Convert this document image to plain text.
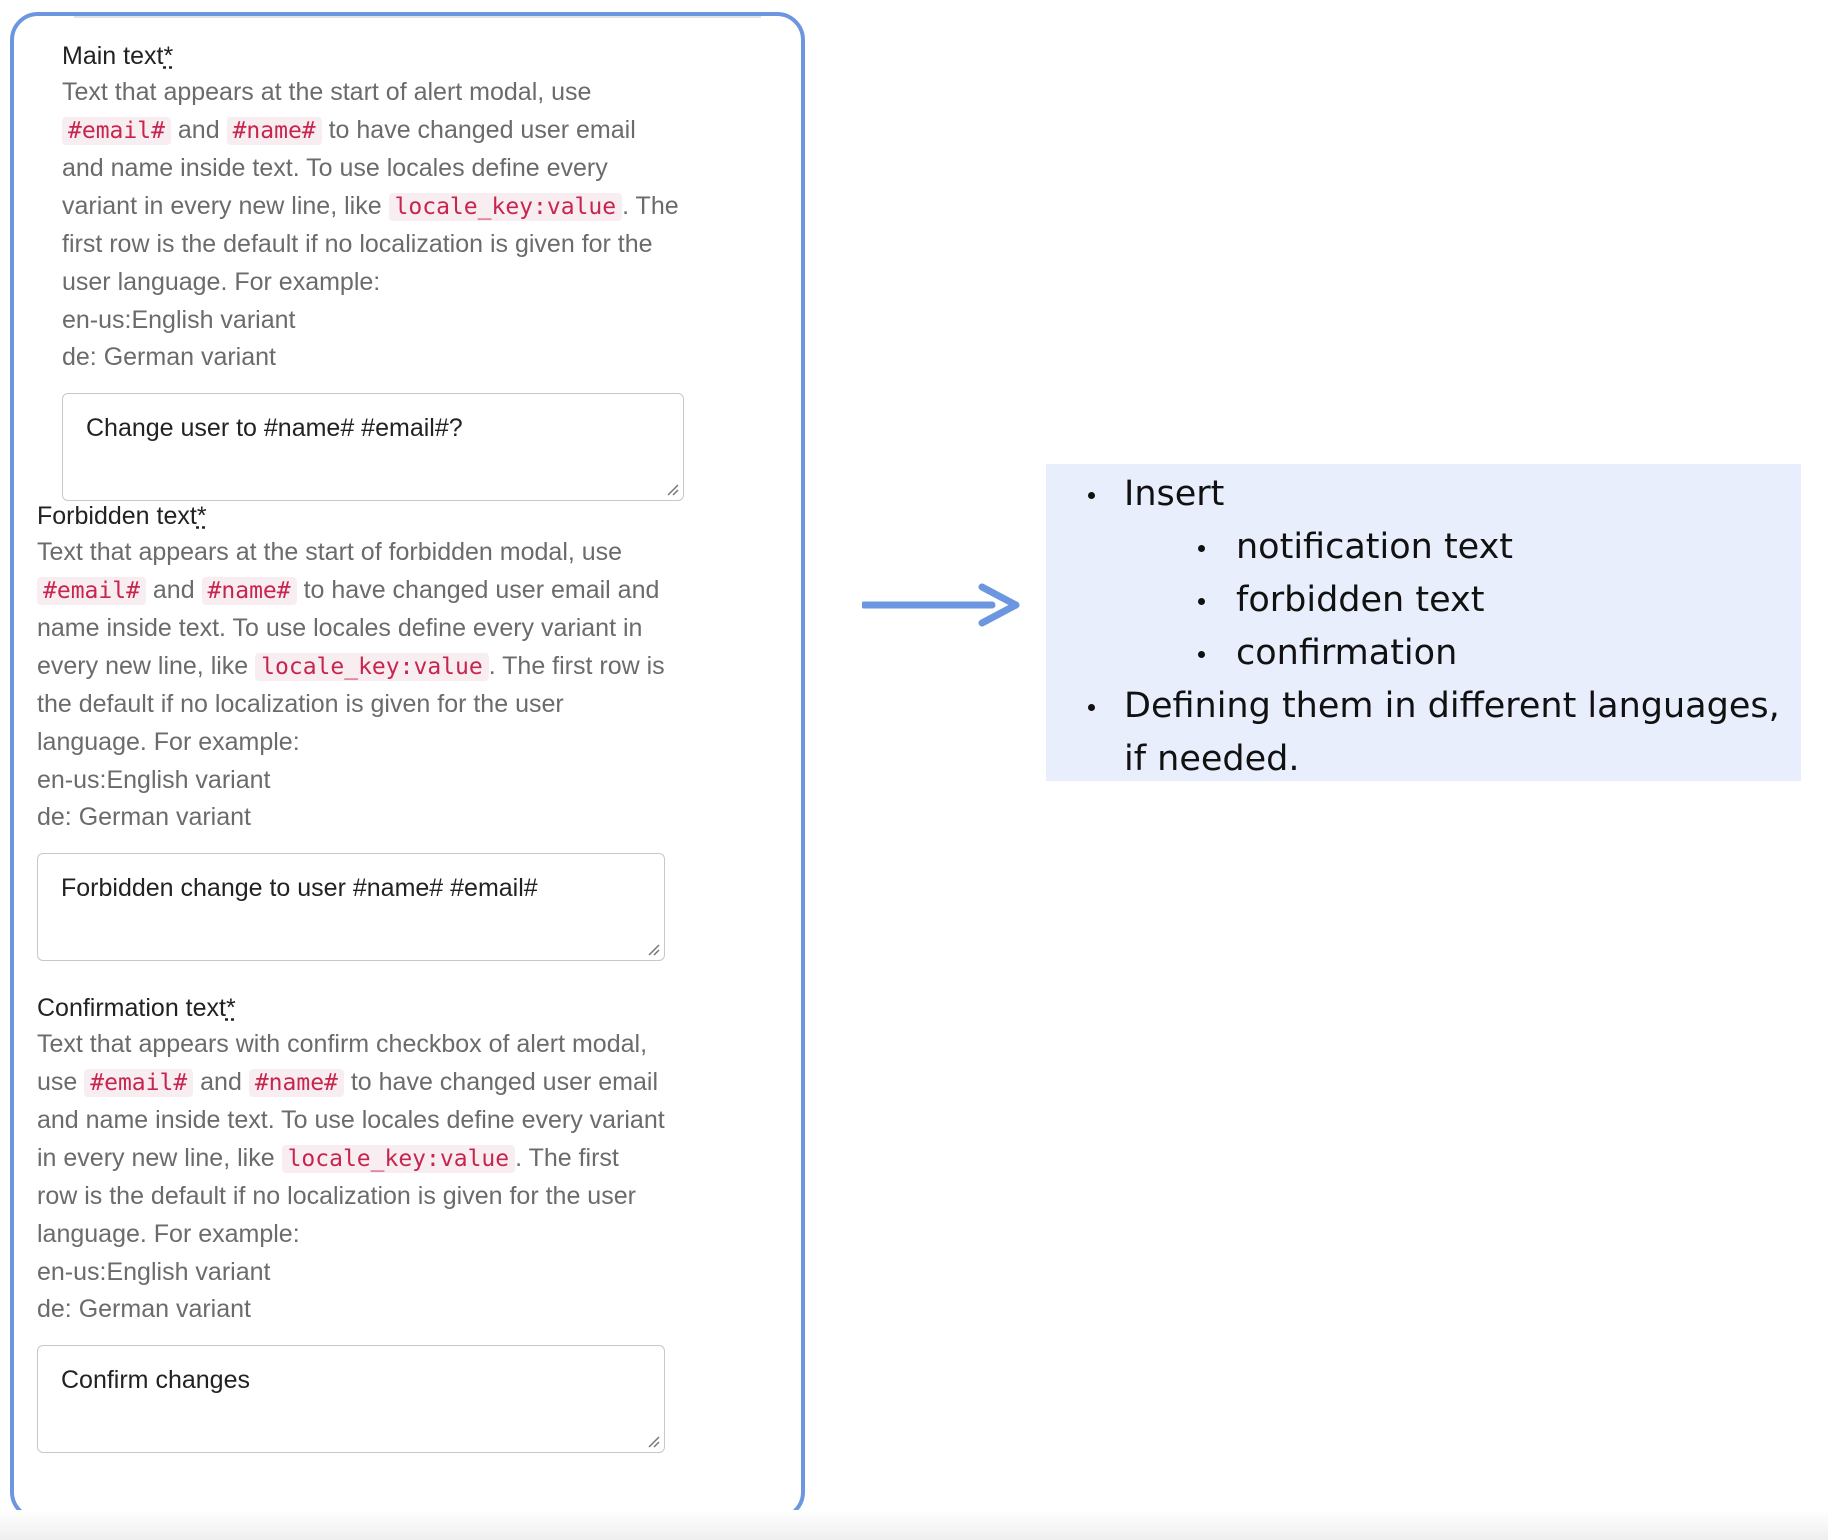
Main text*

Text that appears at the start of alert modal, use #email# and #name# to have changed user email and name inside text. To use locales define every variant in every new line, like locale_key:value . The first row is the default if no localization is given for the user language. For example:
en-us:English variant
de: German variant

Change user to #name# #email#?
Forbidden text*

Text that appears at the start of forbidden modal, use #email# and #name# to have changed user email and name inside text. To use locales define every variant in every new line, like locale_key:value . The first row is the default if no localization is given for the user language. For example:
en-us:English variant
de: German variant

Forbidden change to user #name# #email#
Confirmation text*

Text that appears with confirm checkbox of alert modal, use #email# and #name# to have changed user email and name inside text. To use locales define every variant in every new line, like locale_key:value . The first row is the default if no localization is given for the user language. For example:
en-us:English variant
de: German variant

Confirm changes
Insert
notification text
forbidden text
confirmation
Defining them in different languages,
if needed.
